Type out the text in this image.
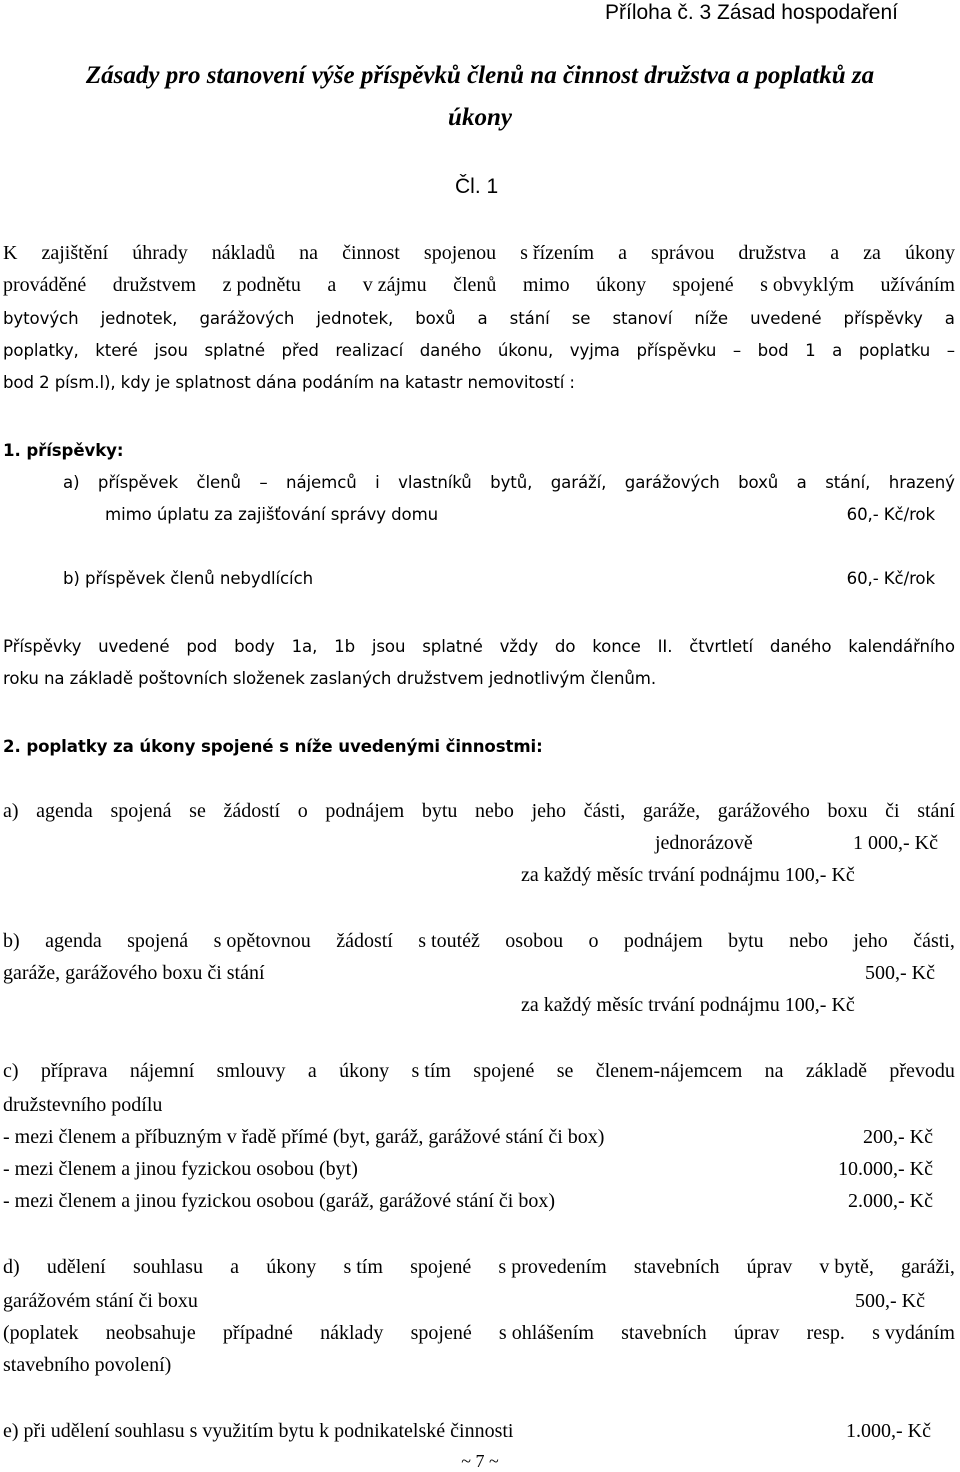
Příloha č. 3 Zásad hospodaření
Zásady pro stanovení výše příspěvků členů na činnost družstva a poplatků za
úkony
Čl. 1
K zajištění úhrady nákladů na činnost spojenou s řízením a správou družstva a za úkony
prováděné družstvem z podnětu a v zájmu členů mimo úkony spojené s obvyklým užíváním
bytových jednotek, garážových jednotek, boxů a stání se stanoví níže uvedené příspěvky a
poplatky, které jsou splatné před realizací daného úkonu, vyjma příspěvku – bod 1 a poplatku –
bod 2 písm.l), kdy je splatnost dána podáním na katastr nemovitostí :
1. příspěvky:
a) příspěvek členů – nájemců i vlastníků bytů, garáží, garážových boxů a stání, hrazený
mimo úplatu za zajišťování správy domu	60,- Kč/rok
b) příspěvek členů nebydlících	60,- Kč/rok
Příspěvky uvedené pod body 1a, 1b jsou splatné vždy do konce II. čtvrtletí daného kalendářního
roku na základě poštovních složenek zaslaných družstvem jednotlivým členům.
2. poplatky za úkony spojené s níže uvedenými činnostmi:
a) agenda spojená se žádostí o podnájem bytu nebo jeho části, garáže, garážového boxu či stání
jednorázově	1 000,- Kč
za každý měsíc trvání podnájmu 100,- Kč
b) agenda spojená s opětovnou žádostí s toutéž osobou o podnájem bytu nebo jeho části,
garáže, garážového boxu či stání	500,- Kč
za každý měsíc trvání podnájmu 100,- Kč
c) příprava nájemní smlouvy a úkony s tím spojené se členem-nájemcem na základě převodu
družstevního podílu
- mezi členem a příbuzným v řadě přímé (byt, garáž, garážové stání či box)	200,- Kč
- mezi členem a jinou fyzickou osobou (byt)	10.000,- Kč
- mezi členem a jinou fyzickou osobou (garáž, garážové stání či box)	2.000,- Kč
d) udělení souhlasu a úkony s tím spojené s provedením stavebních úprav v bytě, garáži,
garážovém stání či boxu	500,- Kč
(poplatek neobsahuje případné náklady spojené s ohlášením stavebních úprav resp. s vydáním
stavebního povolení)
e) při udělení souhlasu s využitím bytu k podnikatelské činnosti	1.000,- Kč
~ 7 ~
